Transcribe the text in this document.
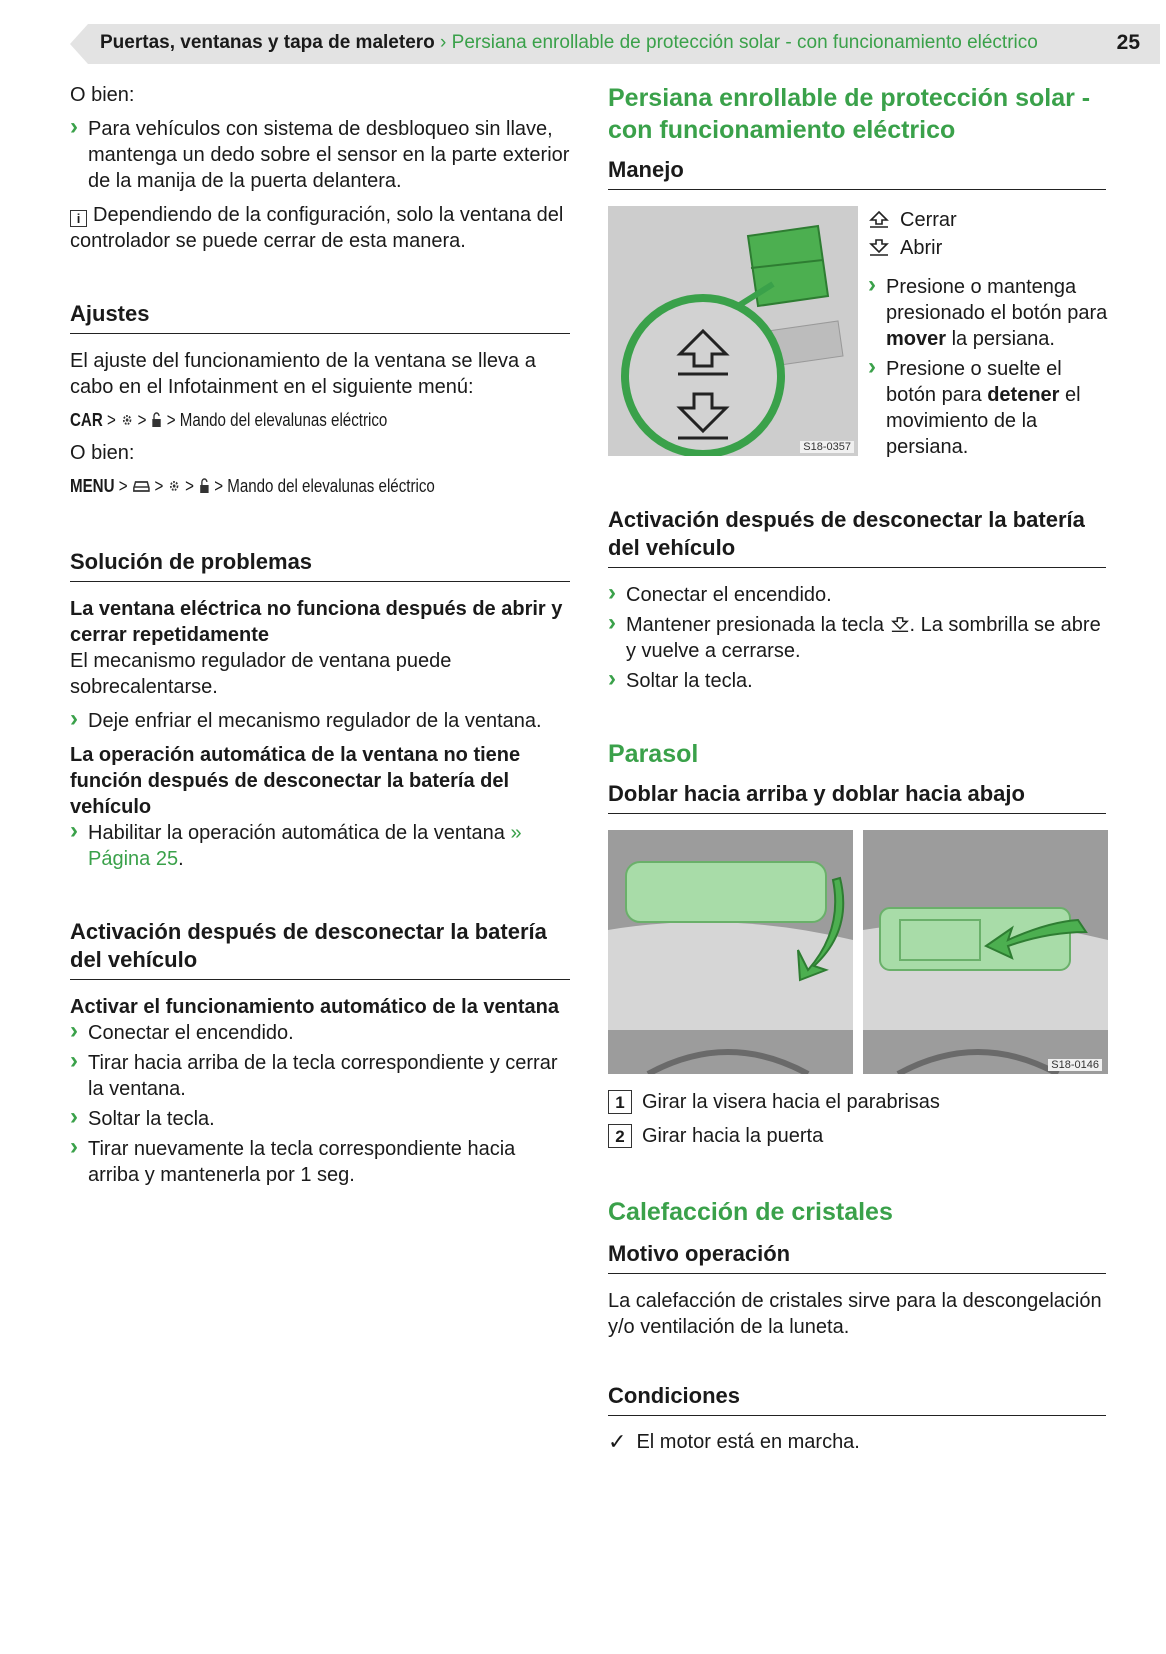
Puertas, ventanas y tapa de maletero › Persiana enrollable de protección solar - con funcionamiento eléctrico	25

O bien:

› Para vehículos con sistema de desbloqueo sin llave, mantenga un dedo sobre el sensor en la parte exterior de la manija de la puerta delantera.

i Dependiendo de la configuración, solo la ventana del controlador se puede cerrar de esta manera.

Ajustes

El ajuste del funcionamiento de la ventana se lleva a cabo en el Infotainment en el siguiente menú:

CAR > > > Mando del elevalunas eléctrico

O bien:

MENU > > > > Mando del elevalunas eléctrico
Solución de problemas
La ventana eléctrica no funciona después de abrir y cerrar repetidamente

El mecanismo regulador de ventana puede sobrecalentarse.

› Deje enfriar el mecanismo regulador de la ventana.
La operación automática de la ventana no tiene función después de desconectar la batería del vehículo
› Habilitar la operación automática de la ventana » Página 25.
Activación después de desconectar la batería del vehículo
Activar el funcionamiento automático de la ventana
› Conectar el encendido.
› Tirar hacia arriba de la tecla correspondiente y cerrar la ventana.
› Soltar la tecla.
› Tirar nuevamente la tecla correspondiente hacia arriba y mantenerla por 1 seg.
Persiana enrollable de protección solar - con funcionamiento eléctrico
Manejo
S18-0357
Cerrar
Abrir
› Presione o mantenga presionado el botón para mover la persiana.
› Presione o suelte el botón para detener el movimiento de la persiana.
Activación después de desconectar la batería del vehículo
› Conectar el encendido.
› Mantener presionada la tecla . La sombrilla se abre y vuelve a cerrarse.
› Soltar la tecla.
Parasol
Doblar hacia arriba y doblar hacia abajo
S18-0146
1 Girar la visera hacia el parabrisas
2 Girar hacia la puerta
Calefacción de cristales
Motivo operación

La calefacción de cristales sirve para la descongelación y/o ventilación de la luneta.

Condiciones
✓ El motor está en marcha.
